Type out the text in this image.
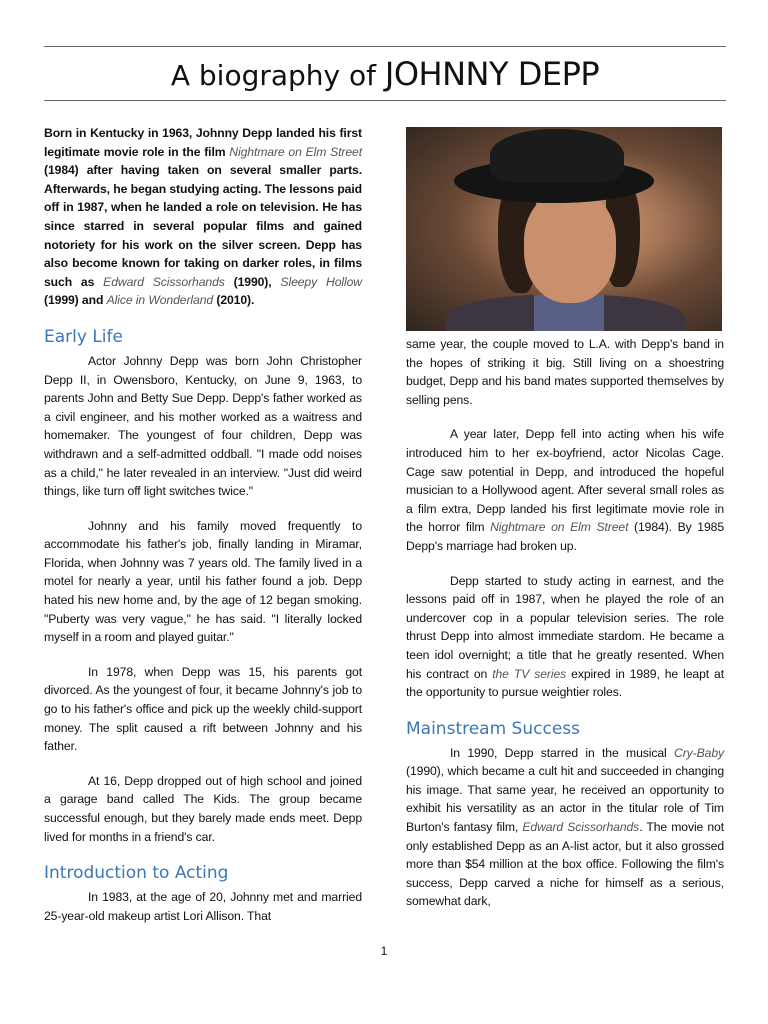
A biography of JOHNNY DEPP

Born in Kentucky in 1963, Johnny Depp landed his first legitimate movie role in the film Nightmare on Elm Street (1984) after having taken on several smaller parts. Afterwards, he began studying acting. The lessons paid off in 1987, when he landed a role on television. He has since starred in several popular films and gained notoriety for his work on the silver screen. Depp has also become known for taking on darker roles, in films such as Edward Scissorhands (1990), Sleepy Hollow (1999) and Alice in Wonderland (2010).

Early Life

Actor Johnny Depp was born John Christopher Depp II, in Owensboro, Kentucky, on June 9, 1963, to parents John and Betty Sue Depp. Depp's father worked as a civil engineer, and his mother worked as a waitress and homemaker. The youngest of four children, Depp was withdrawn and a self-admitted oddball. "I made odd noises as a child," he later revealed in an interview. "Just did weird things, like turn off light switches twice."

Johnny and his family moved frequently to accommodate his father's job, finally landing in Miramar, Florida, when Johnny was 7 years old. The family lived in a motel for nearly a year, until his father found a job. Depp hated his new home and, by the age of 12 began smoking. "Puberty was very vague," he has said. "I literally locked myself in a room and played guitar."

In 1978, when Depp was 15, his parents got divorced. As the youngest of four, it became Johnny's job to go to his father's office and pick up the weekly child-support money. The split caused a rift between Johnny and his father.

At 16, Depp dropped out of high school and joined a garage band called The Kids. The group became successful enough, but they barely made ends meet. Depp lived for months in a friend's car.

Introduction to Acting

In 1983, at the age of 20, Johnny met and married 25-year-old makeup artist Lori Allison. That

same year, the couple moved to L.A. with Depp's band in the hopes of striking it big. Still living on a shoestring budget, Depp and his band mates supported themselves by selling pens.

A year later, Depp fell into acting when his wife introduced him to her ex-boyfriend, actor Nicolas Cage. Cage saw potential in Depp, and introduced the hopeful musician to a Hollywood agent. After several small roles as a film extra, Depp landed his first legitimate movie role in the horror film Nightmare on Elm Street (1984). By 1985 Depp's marriage had broken up.

Depp started to study acting in earnest, and the lessons paid off in 1987, when he played the role of an undercover cop in a popular television series. The role thrust Depp into almost immediate stardom. He became a teen idol overnight; a title that he greatly resented. When his contract on the TV series expired in 1989, he leapt at the opportunity to pursue weightier roles.

Mainstream Success

In 1990, Depp starred in the musical Cry-Baby (1990), which became a cult hit and succeeded in changing his image. That same year, he received an opportunity to exhibit his versatility as an actor in the titular role of Tim Burton's fantasy film, Edward Scissorhands. The movie not only established Depp as an A-list actor, but it also grossed more than $54 million at the box office. Following the film's success, Depp carved a niche for himself as a serious, somewhat dark,

1
